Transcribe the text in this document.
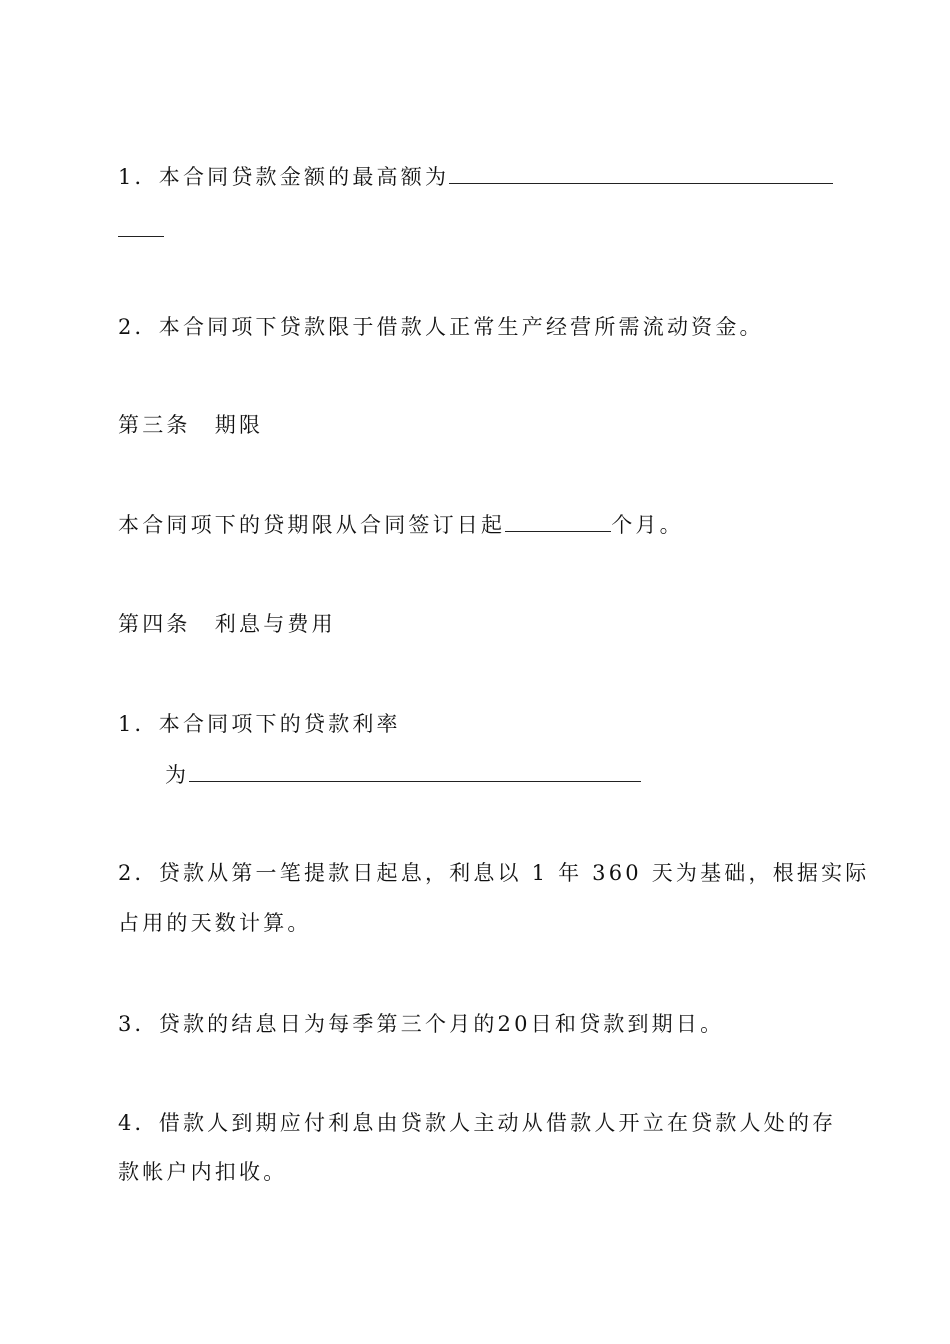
1．本合同贷款金额的最高额为
2．本合同项下贷款限于借款人正常生产经营所需流动资金。
第三条　期限
本合同项下的贷期限从合同签订日起	个月。
第四条　利息与费用
1．本合同项下的贷款利率
为
2．贷款从第一笔提款日起息，利息以 1 年 360 天为基础，根据实际
占用的天数计算。
3．贷款的结息日为每季第三个月的20日和贷款到期日。
4．借款人到期应付利息由贷款人主动从借款人开立在贷款人处的存
款帐户内扣收。
